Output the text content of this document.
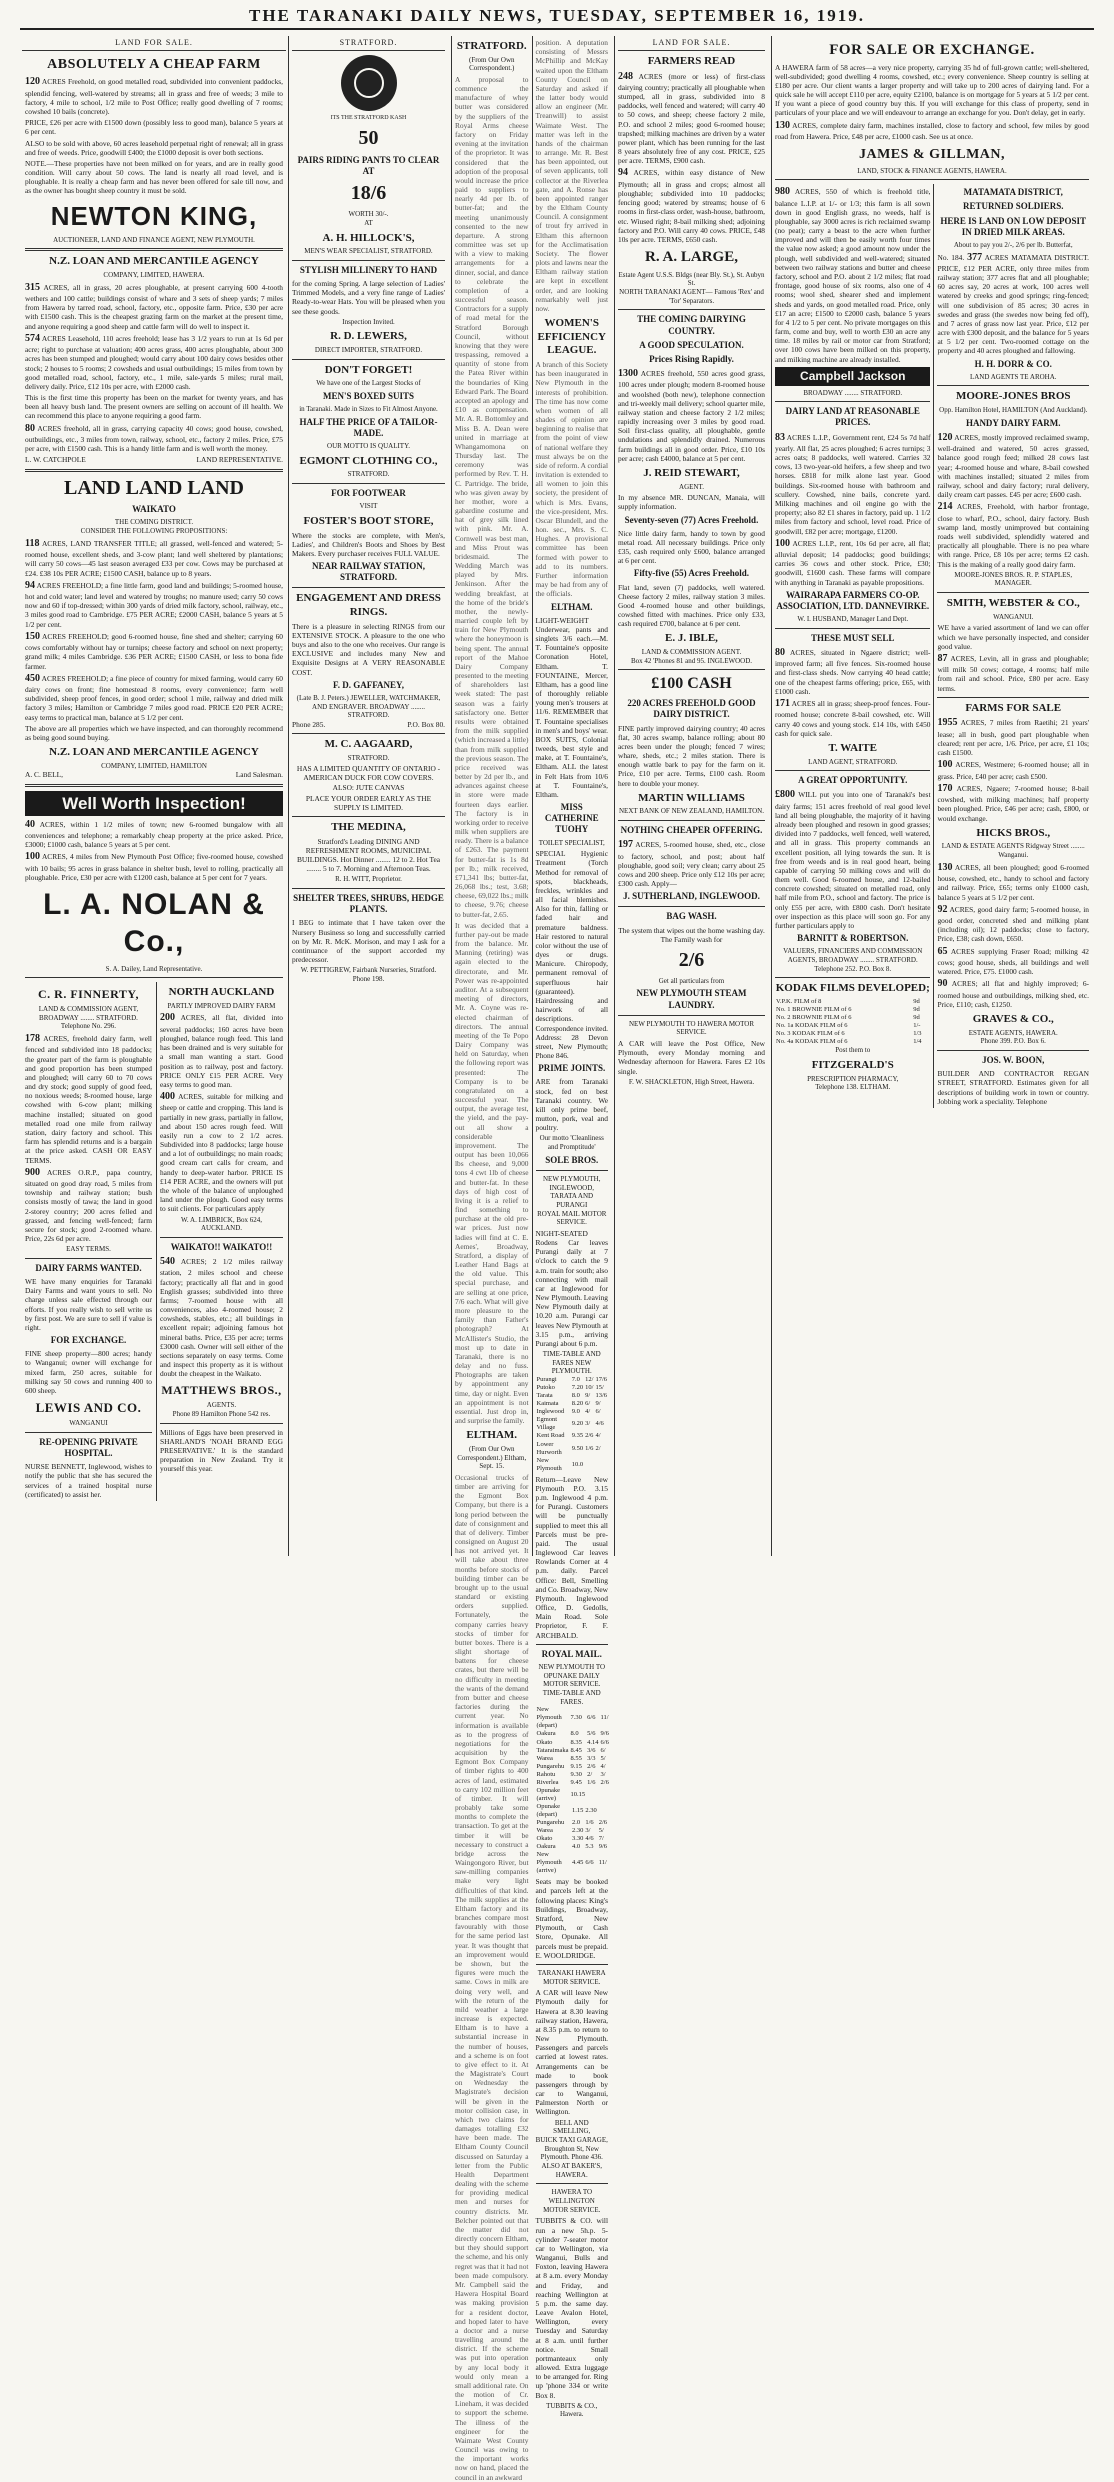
THE TARANAKI DAILY NEWS, TUESDAY, SEPTEMBER 16, 1919.
LAND FOR SALE.
ABSOLUTELY A CHEAP FARM

120 ACRES Freehold, on good metalled road, subdivided into convenient paddocks, splendid fencing, well-watered by streams; all in grass and free of weeds; 3 mile to factory, 4 mile to school, 1/2 mile to Post Office; really good dwelling of 7 rooms; cowshed 10 bails (concrete).

PRICE, £26 per acre with £1500 down (possibly less to good man), balance 5 years at 6 per cent.

ALSO to be sold with above, 60 acres leasehold perpetual right of renewal; all in grass and free of weeds. Price, goodwill £400; the £1000 deposit is over both sections.

NOTE.—These properties have not been milked on for years, and are in really good condition. Will carry about 50 cows. The land is nearly all road level, and is ploughable. It is really a cheap farm and has never been offered for sale till now, and as the owner has bought sheep country it must be sold.

NEWTON KING,
AUCTIONEER, LAND AND FINANCE AGENT, NEW PLYMOUTH.
N.Z. LOAN AND MERCANTILE AGENCY
COMPANY, LIMITED, HAWERA.

315 ACRES, all in grass, 20 acres ploughable, at present carrying 600 4-tooth wethers and 100 cattle; buildings consist of whare and 3 sets of sheep yards; 7 miles from Hawera by tarred road, school, factory, etc., opposite farm. Price, £30 per acre with £1500 cash. This is the cheapest grazing farm on the market at the present time, and anyone requiring a good sheep and cattle farm will do well to inspect it.

574 ACRES Leasehold, 110 acres freehold; lease has 3 1/2 years to run at 1s 6d per acre; right to purchase at valuation; 400 acres grass, 400 acres ploughable, about 300 acres has been stumped and ploughed; would carry about 100 dairy cows besides other stock; 2 houses to 5 rooms; 2 cowsheds and usual outbuildings; 15 miles from town by good metalled road, school, factory, etc., 1 mile, sale-yards 5 miles; rural mail, delivery daily. Price, £12 10s per acre, with £2000 cash.

This is the first time this property has been on the market for twenty years, and has been all heavy bush land. The present owners are selling on account of ill health. We can recommend this place to anyone requiring a good farm.

80 ACRES freehold, all in grass, carrying capacity 40 cows; good house, cowshed, outbuildings, etc., 3 miles from town, railway, school, etc., factory 2 miles. Price, £75 per acre, with £1500 cash. This is a handy little farm and is well worth the money.

L. W. CATCHPOLE	LAND REPRESENTATIVE.
LAND LAND LAND
WAIKATO
THE COMING DISTRICT.
CONSIDER THE FOLLOWING PROPOSITIONS:

118 ACRES, LAND TRANSFER TITLE; all grassed, well-fenced and watered; 5-roomed house, excellent sheds, and 3-cow plant; land well sheltered by plantations; will carry 50 cows—45 last season averaged £33 per cow. Cows may be purchased at £24. £38 10s PER ACRE; £1500 CASH, balance up to 8 years.

94 ACRES FREEHOLD; a fine little farm, good land and buildings; 5-roomed house, hot and cold water; land level and watered by troughs; no manure used; carry 50 cows now and 60 if top-dressed; within 300 yards of dried milk factory, school, railway, etc., 3 miles good road to Cambridge. £75 PER ACRE; £2000 CASH, balance 5 years at 5 1/2 per cent.

150 ACRES FREEHOLD; good 6-roomed house, fine shed and shelter; carrying 60 cows comfortably without hay or turnips; cheese factory and school on next property; grand milk; 4 miles Cambridge. £36 PER ACRE; £1500 CASH, or less to bona fide farmer.

450 ACRES FREEHOLD; a fine piece of country for mixed farming, would carry 60 dairy cows on front; fine homestead 8 rooms, every convenience; farm well subdivided, sheep proof fences, in good order; school 1 mile, railway and dried milk factory 3 miles; Hamilton or Cambridge 7 miles good road. PRICE £20 PER ACRE; easy terms to practical man, balance at 5 1/2 per cent.

The above are all properties which we have inspected, and can thoroughly recommend as being good sound buying.

N.Z. LOAN AND MERCANTILE AGENCY
COMPANY, LIMITED, HAMILTON
A. C. BELL,	Land Salesman.
Well Worth Inspection!

40 ACRES, within 1 1/2 miles of town; new 6-roomed bungalow with all conveniences and telephone; a remarkably cheap property at the price asked. Price, £3000; £1000 cash, balance 5 years at 5 per cent.

100 ACRES, 4 miles from New Plymouth Post Office; five-roomed house, cowshed with 10 bails; 95 acres in grass balance in shelter bush, level to rolling, practically all ploughable. Price, £30 per acre with £1200 cash, balance at 5 per cent for 7 years.

L. A. NOLAN & Co.,
S. A. Dailey, Land Representative.
C. R. FINNERTY,
LAND & COMMISSION AGENT, BROADWAY ........ STRATFORD.
Telephone No. 296.

178 ACRES, freehold dairy farm, well fenced and subdivided into 18 paddocks; the greater part of the farm is ploughable and good proportion has been stumped and ploughed; will carry 60 to 70 cows and dry stock; good supply of good feed, no noxious weeds; 8-roomed house, large cowshed with 6-cow plant; milking machine installed; situated on good metalled road one mile from railway station, dairy factory and school. This farm has splendid returns and is a bargain at the price asked. CASH OR EASY TERMS.

900 ACRES O.R.P., papa country, situated on good dray road, 5 miles from township and railway station; bush consists mostly of tawa; the land in good 2-storey country; 200 acres felled and grassed, and fencing well-fenced; farm secure for stock; good 2-roomed whare. Price, 22s 6d per acre.

EASY TERMS.
DAIRY FARMS WANTED.

WE have many enquiries for Taranaki Dairy Farms and want yours to sell. No charge unless sale effected through our efforts. If you really wish to sell write us by first post. We are sure to sell if value is right.

FOR EXCHANGE.

FINE sheep property—800 acres; handy to Wanganui; owner will exchange for mixed farm, 250 acres, suitable for milking say 50 cows and running 400 to 600 sheep.

LEWIS AND CO.
WANGANUI
RE-OPENING PRIVATE HOSPITAL.

NURSE BENNETT, Inglewood, wishes to notify the public that she has secured the services of a trained hospital nurse (certificated) to assist her.

NORTH AUCKLAND
PARTLY IMPROVED DAIRY FARM

200 ACRES, all flat, divided into several paddocks; 160 acres have been ploughed, balance rough feed. This land has been drained and is very suitable for a small man wanting a start. Good position as to railway, post and factory. PRICE ONLY £15 PER ACRE. Very easy terms to good man.

400 ACRES, suitable for milking and sheep or cattle and cropping. This land is partially in new grass, partially in fallow, and about 150 acres rough feed. Will easily run a cow to 2 1/2 acres. Subdivided into 8 paddocks; large house and a lot of outbuildings; no main roads; good cream cart calls for cream, and handy to deep-water harbor. PRICE IS £14 PER ACRE, and the owners will put the whole of the balance of unploughed land under the plough. Good easy terms to suit clients. For particulars apply

W. A. LIMBRICK, Box 624, AUCKLAND.
WAIKATO!! WAIKATO!!

540 ACRES; 2 1/2 miles railway station, 2 miles school and cheese factory; practically all flat and in good English grasses; subdivided into three farms; 7-roomed house with all conveniences, also 4-roomed house; 2 cowsheds, stables, etc.; all buildings in excellent repair; adjoining famous hot mineral baths. Price, £35 per acre; terms £3000 cash. Owner will sell either of the sections separately on easy terms. Come and inspect this property as it is without doubt the cheapest in the Waikato.

MATTHEWS BROS.,
AGENTS.
Phone 89 Hamilton Phone 542 res.

Millions of Eggs have been preserved in SHARLAND'S 'NOAH BRAND EGG PRESERVATIVE.' It is the standard preparation in New Zealand. Try it yourself this year.

STRATFORD.
ITS THE STRATFORD KASH
50
PAIRS RIDING PANTS TO CLEAR AT
18/6
WORTH 30/-.
AT
A. H. HILLOCK'S,
MEN'S WEAR SPECIALIST, STRATFORD.
STYLISH MILLINERY TO HAND

for the coming Spring. A large selection of Ladies' Trimmed Models, and a very fine range of Ladies' Ready-to-wear Hats. You will be pleased when you see these goods.

Inspection Invited.
R. D. LEWERS,
DIRECT IMPORTER, STRATFORD.
DON'T FORGET!
We have one of the Largest Stocks of
MEN'S BOXED SUITS
in Taranaki. Made in Sizes to Fit Almost Anyone.
HALF THE PRICE OF A TAILOR-MADE.
OUR MOTTO IS QUALITY.
EGMONT CLOTHING CO.,
STRATFORD.
FOR FOOTWEAR
VISIT
FOSTER'S BOOT STORE,

Where the stocks are complete, with Men's, Ladies', and Children's Boots and Shoes by Best Makers. Every purchaser receives FULL VALUE.

NEAR RAILWAY STATION, STRATFORD.
ENGAGEMENT AND DRESS RINGS.

There is a pleasure in selecting RINGS from our EXTENSIVE STOCK. A pleasure to the one who buys and also to the one who receives. Our range is EXCLUSIVE and includes many New and Exquisite Designs at A VERY REASONABLE COST.

F. D. GAFFANEY,
(Late B. J. Peters.) JEWELLER, WATCHMAKER, AND ENGRAVER. BROADWAY ........ STRATFORD.
Phone 285.	P.O. Box 80.
M. C. AAGAARD,
STRATFORD.

HAS A LIMITED QUANTITY OF ONTARIO - AMERICAN DUCK FOR COW COVERS. ALSO: JUTE CANVAS

PLACE YOUR ORDER EARLY AS THE SUPPLY IS LIMITED.

THE MEDINA,

Stratford's Leading DINING AND REFRESHMENT ROOMS, MUNICIPAL BUILDINGS. Hot Dinner ........ 12 to 2. Hot Tea ........ 5 to 7. Morning and Afternoon Teas.

R. H. WITT, Proprietor.
SHELTER TREES, SHRUBS, HEDGE PLANTS.

I BEG to intimate that I have taken over the Nursery Business so long and successfully carried on by Mr. R. McK. Morison, and may I ask for a continuance of the support accorded my predecessor.

W. PETTIGREW, Fairbank Nurseries, Stratford.
Phone 198.
STRATFORD.
(From Our Own Correspondent.)

A proposal to commence the manufacture of whey butter was considered by the suppliers of the Royal Arms cheese factory on Friday evening at the invitation of the proprietor. It was considered that the adoption of the proposal would increase the price paid to suppliers to nearly 4d per lb. of butter-fat; and the meeting unanimously consented to the new departure. A strong committee was set up with a view to making arrangements for a dinner, social, and dance to celebrate the completion of a successful season. Contractors for a supply of road metal for the Stratford Borough Council, without knowing that they were trespassing, removed a quantity of stone from the Patea River within the boundaries of King Edward Park. The Board accepted an apology and £10 as compensation. Mr. A. R. Bottomley and Miss B. A. Dean were united in marriage at Whangamomona on Thursday last. The ceremony was performed by Rev. T. H. C. Partridge. The bride, who was given away by her mother, wore a gabardine costume and hat of grey silk lined with pink. Mr. A. Cornwell was best man, and Miss Prout was bridesmaid. The Wedding March was played by Mrs. Jenkinson. After the wedding breakfast, at the home of the bride's mother, the newly-married couple left by train for New Plymouth where the honeymoon is being spent. The annual report of the Mahoe Dairy Company presented to the meeting of shareholders last week stated: The past season was a fairly satisfactory one. Better results were obtained from the milk supplied (which increased a little) than from milk supplied the previous season. The price received was better by 2d per lb., and advances against cheese in store were made fourteen days earlier. The factory is in working order to receive milk when suppliers are ready. There is a balance of £263. The payment for butter-fat is 1s 8d per lb.; milk received, £71,341 lbs; butter-fat, 26,068 lbs.; test, 3.68; cheese, 69,022 lbs.; milk to cheese, 9.76; cheese to butter-fat, 2.65.

It was decided that a further pay-out be made from the balance. Mr. Manning (retiring) was again elected to the directorate, and Mr. Power was re-appointed auditor. At a subsequent meeting of directors, Mr. A. Coyne was re-elected chairman of directors. The annual meeting of the Te Popo Dairy Company was held on Saturday, when the following report was presented: The Company is to be congratulated on a successful year. The output, the average test, the yield, and the pay-out all show a considerable improvement. The output has been 10,066 lbs cheese, and 9,000 tons 4 cwt 1lb of cheese and butter-fat. In these days of high cost of living it is a relief to find something to purchase at the old pre-war prices. Just now ladies will find at C. E. Aemes', Broadway, Stratford, a display of Leather Hand Bags at the old value. This special purchase, and are selling at one price, 7/6 each. What will give more pleasure to the family than Father's photograph? At McAllister's Studio, the most up to date in Taranaki, there is no delay and no fuss. Photographs are taken by appointment any time, day or night. Even an appointment is not essential. Just drop in, and surprise the family.

ELTHAM.
(From Our Own Correspondent.) Eltham, Sept. 15.

Occasional trucks of timber are arriving for the Egmont Box Company, but there is a long period between the date of consignment and that of delivery. Timber consigned on August 20 has not arrived yet. It will take about three months before stocks of building timber can be brought up to the usual standard or existing orders supplied. Fortunately, the company carries heavy stocks of timber for butter boxes. There is a slight shortage of battens for cheese crates, but there will be no difficulty in meeting the wants of the demand from butter and cheese factories during the current year. No information is available as to the progress of negotiations for the acquisition by the Egmont Box Company of timber rights to 400 acres of land, estimated to carry 102 million feet of timber. It will probably take some months to complete the transaction. To get at the timber it will be necessary to construct a bridge across the Waingongoro River, but saw-milling companies make very light difficulties of that kind. The milk supplies at the Eltham factory and its branches compare most favourably with those for the same period last year. It was thought that an improvement would be shown, but the figures were much the same. Cows in milk are doing very well, and with the return of the mild weather a large increase is expected. Eltham is to have a substantial increase in the number of houses, and a scheme is on foot to give effect to it. At the Magistrate's Court on Wednesday the Magistrate's decision will be given in the motor collision case, in which two claims for damages totalling £32 have been made. The Eltham County Council discussed on Saturday a letter from the Public Health Department dealing with the scheme for providing medical men and nurses for country districts. Mr. Belcher pointed out that the matter did not directly concern Eltham, but they should support the scheme, and his only regret was that it had not been made compulsory. Mr. Campbell said the Hawera Hospital Board was making provision for a resident doctor, and hoped later to have a doctor and a nurse travelling around the district. If the scheme was put into operation by any local body it would only mean a small additional rate. On the motion of Cr. Lineham, it was decided to support the scheme. The illness of the engineer for the Waimate West County Council was owing to the important works now on hand, placed the council in an awkward

position. A deputation consisting of Messrs McPhillip and McKay waited upon the Eltham County Council on Saturday and asked if the latter body would allow an engineer (Mr. Treanwill) to assist Waimate West. The matter was left in the hands of the chairman to arrange. Mr. R. Best has been appointed, out of seven applicants, toll collector at the Riverlea gate, and A. Ronse has been appointed ranger by the Eltham County Council. A consignment of trout fry arrived in Eltham this afternoon for the Acclimatisation Society. The flower plots and lawns near the Eltham railway station are kept in excellent order, and are looking remarkably well just now.

WOMEN'S EFFICIENCY LEAGUE.

A branch of this Society has been inaugurated in New Plymouth in the interests of prohibition. The time has now come when women of all shades of opinion are beginning to realise that from the point of view of national welfare they must always be on the side of reform. A cordial invitation is extended to all women to join this society, the president of which is Mrs. Evans, the vice-president, Mrs. Oscar Blundell, and the hon. sec., Mrs. S. C. Hughes. A provisional committee has been formed with power to add to its numbers. Further information may be had from any of the officials.

ELTHAM.

LIGHT-WEIGHT Underwear, pants and singlets 3/6 each.—M. T. Fountaine's opposite Coronation Hotel, Eltham. T. FOUNTAINE, Mercer, Eltham, has a good line of thoroughly reliable young men's trousers at 11/6. REMEMBER that T. Fountaine specialises in men's and boys' wear. BOX SUITS, Colonial tweeds, best style and make, at T. Fountaine's, Eltham. ALL the latest in Felt Hats from 10/6 at T. Fountaine's, Eltham.

MISS CATHERINE TUOHY
TOILET SPECIALIST,

SPECIAL Hygienic Treatment (Torch Method for removal of spots, blackheads, freckles, wrinkles and all facial blemishes. Also for thin, falling or faded hair and premature baldness. Hair restored to natural color without the use of dyes or drugs. Manicure. Chiropody, permanent removal of superfluous hair (guaranteed). Hairdressing and hairwork of all descriptions. Correspondence invited. Address: 28 Devon street, New Plymouth; Phone 846.

PRIME JOINTS.

ARE from Taranaki stock, fed on best Taranaki country. We kill only prime beef, mutton, pork, veal and poultry.

Our motto 'Cleanliness and Promptitude'
SOLE BROS.
NEW PLYMOUTH, INGLEWOOD, TARATA AND PURANGI
ROYAL MAIL MOTOR SERVICE.

NIGHT-SEATED Rodens Car leaves Purangi daily at 7 o'clock to catch the 9 a.m. train for south; also connecting with mail car at Inglewood for New Plymouth. Leaving New Plymouth daily at 10.20 a.m. Purangi car leaves New Plymouth at 3.15 p.m., arriving Purangi about 6 p.m.

TIME-TABLE AND FARES NEW PLYMOUTH.
Purangi	7.0	12/	17/6
Putoko	7.20	10/	15/
Tarata	8.0	9/	13/6
Kaimata	8.20	6/	9/
Inglewood	9.0	4/	6/
Egmont Village	9.20	3/	4/6
Kent Road	9.35	2/6	4/
Lower Hurworth	9.50	1/6	2/
New Plymouth	10.0		

Return—Leave New Plymouth P.O. 3.15 p.m. Inglewood 4 p.m. for Purangi. Customers will be punctually supplied to meet this all Parcels must be pre-paid. The usual Inglewood Car leaves Rowlands Corner at 4 p.m. daily. Parcel Office: Bell, Smelling and Co. Broadway, New Plymouth. Inglewood Office, D. Gedolls, Main Road. Sole Proprietor, F. F. ARCHBALD.

ROYAL MAIL.
NEW PLYMOUTH TO OPUNAKE DAILY MOTOR SERVICE.
TIME-TABLE AND FARES.
New Plymouth (depart)	7.30	6/6	11/
Oakura	8.0	5/6	9/6
Okato	8.35	4.14	6/6
Tataraimaka	8.45	3/6	6/
Warea	8.55	3/3	5/
Pungarehu	9.15	2/6	4/
Rahotu	9.30	2/	3/
Riverlea	9.45	1/6	2/6
Opunake (arrive)	10.15		
Opunake (depart)	1.15	2.30	
Pungarehu	2.0	1/6	2/6
Warea	2.30	3/	5/
Okato	3.30	4/6	7/
Oakura	4.0	5.3	9/6
New Plymouth (arrive)	4.45	6/6	11/

Seats may be booked and parcels left at the following places: King's Buildings, Broadway, Stratford, New Plymouth, or Cash Store, Opunake. All parcels must be prepaid. E. WOOLDRIDGE.

TARANAKI HAWERA MOTOR SERVICE.

A CAR will leave New Plymouth daily for Hawera at 8.30 leaving railway station, Hawera, at 8.35 p.m. to return to New Plymouth. Passengers and parcels carried at lowest rates. Arrangements can be made to book passengers through by car to Wanganui, Palmerston North or Wellington.

BELL AND SMELLING,
BUICK TAXI GARAGE, Broughton St, New Plymouth. Phone 436. ALSO AT BAKER'S, HAWERA.
HAWERA TO WELLINGTON MOTOR SERVICE.

TUBBITS & CO. will run a new 5h.p. 5-cylinder 7-seater motor car to Wellington, via Wanganui, Bulls and Foxton, leaving Hawera at 8 a.m. every Monday and Friday, and reaching Wellington at 5 p.m. the same day. Leave Avalon Hotel, Wellington, every Tuesday and Saturday at 8 a.m. until further notice. Small portmanteaux only allowed. Extra luggage to be arranged for. Ring up 'phone 334 or write Box 8.

TUBBITS & CO., Hawera.
LAND FOR SALE.
FARMERS READ

248 ACRES (more or less) of first-class dairying country; practically all ploughable when stumped, all in grass, subdivided into 8 paddocks, well fenced and watered; will carry 40 to 50 cows, and sheep; cheese factory 2 mile, P.O. and school 2 miles; good 6-roomed house; trapshed; milking machines are driven by a water power plant, which has been running for the last 8 years absolutely free of any cost. PRICE, £25 per acre. TERMS, £900 cash.

94 ACRES, within easy distance of New Plymouth; all in grass and crops; almost all ploughable; subdivided into 10 paddocks; fencing good; watered by streams; house of 6 rooms in first-class order, wash-house, bathroom, etc. Wiused right; 8-bail milking shed; adjoining factory and P.O. Will carry 40 cows. PRICE, £48 10s per acre. TERMS, £650 cash.

R. A. LARGE,
Estate Agent U.S.S. Bldgs (near Bly. St.), St. Aubyn St.
NORTH TARANAKI AGENT— Famous 'Rex' and 'Tor' Separators.
THE COMING DAIRYING COUNTRY.
A GOOD SPECULATION.
Prices Rising Rapidly.

1300 ACRES freehold, 550 acres good grass, 100 acres under plough; modern 8-roomed house and woolshed (both new), telephone connection and tri-weekly mail delivery; school quarter mile, railway station and cheese factory 2 1/2 miles; rapidly increasing over 3 miles by good road. Soil first-class quality, all ploughable, gentle undulations and splendidly drained. Numerous farm buildings all in good order. Price, £10 10s per acre; cash £4000, balance at 5 per cent.

J. REID STEWART,
AGENT.

In my absence MR. DUNCAN, Manaia, will supply information.

Seventy-seven (77) Acres Freehold.

Nice little dairy farm, handy to town by good metal road. All necessary buildings. Price only £35, cash required only £600, balance arranged at 6 per cent.

Fifty-five (55) Acres Freehold.

Flat land, seven (7) paddocks, well watered. Cheese factory 2 miles, railway station 3 miles. Good 4-roomed house and other buildings, cowshed fitted with machines. Price only £33, cash required £700, balance at 6 per cent.

E. J. IBLE,
LAND & COMMISSION AGENT.
Box 42 'Phones 81 and 95. INGLEWOOD.
£100 CASH
220 ACRES FREEHOLD GOOD DAIRY DISTRICT.

FINE partly improved dairying country; 40 acres flat, 30 acres swamp, balance rolling; about 80 acres been under the plough; fenced 7 wires; whare, sheds, etc.; 2 miles station. There is enough wattle bark to pay for the farm on it. Price, £10 per acre. Terms, £100 cash. Room here to double your money.

MARTIN WILLIAMS
NEXT BANK OF NEW ZEALAND, HAMILTON.
NOTHING CHEAPER OFFERING.

197 ACRES, 5-roomed house, shed, etc., close to factory, school, and post; about half ploughable, good soil; very clean; carry about 25 cows and 200 sheep. Price only £12 10s per acre; £300 cash. Apply—

J. SUTHERLAND, INGLEWOOD.
BAG WASH.

The system that wipes out the home washing day. The Family wash for

2/6
Get all particulars from
NEW PLYMOUTH STEAM LAUNDRY.
NEW PLYMOUTH TO HAWERA MOTOR SERVICE.

A CAR will leave the Post Office, New Plymouth, every Monday morning and Wednesday afternoon for Hawera. Fares £2 10s single.

F. W. SHACKLETON, High Street, Hawera.
FOR SALE OR EXCHANGE.

A HAWERA farm of 58 acres—a very nice property, carrying 35 hd of full-grown cattle; well-sheltered, well-subdivided; good dwelling 4 rooms, cowshed, etc.; every convenience. Sheep country is selling at £180 per acre. Our client wants a larger property and will take up to 200 acres of dairying land. For a quick sale he will accept £110 per acre, equity £2100, balance is on mortgage for 5 years at 5 1/2 per cent. If you want a piece of good country buy this. If you will exchange for this class of property, send in particulars of your place and we will endeavour to arrange an exchange for you. Don't delay, get in early.

130 ACRES, complete dairy farm, machines installed, close to factory and school, few miles by good road from Hawera. Price, £48 per acre, £1000 cash. See us at once.

JAMES & GILLMAN,
LAND, STOCK & FINANCE AGENTS, HAWERA.

980 ACRES, 550 of which is freehold title, balance L.I.P. at 1/- or 1/3; this farm is all sown down in good English grass, no weeds, half is ploughable, say 3000 acres is rich reclaimed swamp (no peat); carry a beast to the acre when further improved and will then be easily worth four times the value now asked; a good amount now under the plough, well subdivided and well-watered; situated between two railway stations and butter and cheese factory, school and P.O. about 2 1/2 miles; flat road frontage, good house of six rooms, also one of 4 rooms; wool shed, shearer shed and implement sheds and yards, on good metalled road. Price, only £17 an acre; £1500 to £2000 cash, balance 5 years for 4 1/2 to 5 per cent. No private mortgages on this farm, come and buy, well to worth £30 an acre any time. 18 miles by rail or motor car from Stratford; over 100 cows have been milked on this property, and milking machine are already installed.

Campbell Jackson
BROADWAY ........ STRATFORD.
DAIRY LAND AT REASONABLE PRICES.

83 ACRES L.I.P., Government rent, £24 5s 7d half yearly. All flat, 25 acres ploughed; 6 acres turnips; 3 acres oats; 8 paddocks, well watered. Carries 32 cows, 13 two-year-old heifers, a few sheep and two horses. £818 for milk alone last year. Good buildings. Six-roomed house with bathroom and scullery. Cowshed, nine bails, concrete yard. Milking machines and oil engine go with the property; also 82 £1 shares in factory, paid up. 1 1/2 miles from factory and school, level road. Price of goodwill, £82 per acre; mortgage, £1200.

100 ACRES L.I.P., rent, 10s 6d per acre, all flat; alluvial deposit; 14 paddocks; good buildings; carries 36 cows and other stock. Price, £30; goodwill, £1600 cash. These farms will compare with anything in Taranaki as payable propositions.

WAIRARAPA FARMERS CO-OP. ASSOCIATION, LTD. DANNEVIRKE.
W. I. HUSBAND, Manager Land Dept.
THESE MUST SELL

80 ACRES, situated in Ngaere district; well-improved farm; all five fences. Six-roomed house and first-class sheds. Now carrying 40 head cattle; one of the cheapest farms offering; price, £65, with £1000 cash.

171 ACRES all in grass; sheep-proof fences. Four-roomed house; concrete 8-bail cowshed, etc. Will carry 40 cows and young stock. £14 10s, with £450 cash for quick sale.

T. WAITE
LAND AGENT, STRATFORD.
A GREAT OPPORTUNITY.

£800 WILL put you into one of Taranaki's best dairy farms; 151 acres freehold of real good level land all being ploughable, the majority of it having already been ploughed and resown in good grasses; divided into 7 paddocks, well fenced, well watered, and all in grass. This property commands an excellent position, all lying towards the sun. It is free from weeds and is in real good heart, being capable of carrying 50 milking cows and will do them well. Good 6-roomed house, and 12-bailed concrete cowshed; situated on metalled road, only half mile from P.O., school and factory. The price is only £55 per acre, with £800 cash. Don't hesitate over inspection as this place will soon go. For any further particulars apply to

BARNITT & ROBERTSON.
VALUERS, FINANCIERS AND COMMISSION AGENTS, BROADWAY ........ STRATFORD.
Telephone 252. P.O. Box 8.
KODAK FILMS DEVELOPED;
V.P.K. FILM of 8	9d
No. 1 BROWNIE FILM of 6	9d
No. 2 BROWNIE FILM of 6	9d
No. 1a KODAK FILM of 6	1/-
No. 3 KODAK FILM of 6	1/3
No. 4a KODAK FILM of 6	1/4
Post them to
FITZGERALD'S
PRESCRIPTION PHARMACY,
Telephone 138. ELTHAM.
MATAMATA DISTRICT,
RETURNED SOLDIERS.
HERE IS LAND ON LOW DEPOSIT IN DRIED MILK AREAS.
About to pay you 2/-, 2/6 per lb. Butterfat,

No. 184. 377 ACRES MATAMATA DISTRICT. PRICE, £12 PER ACRE, only three miles from railway station; 377 acres flat and all ploughable; 60 acres say, 20 acres at work, 100 acres well watered by creeks and good springs; ring-fenced; will one subdivision of 85 acres; 30 acres in swedes and grass (the swedes now being fed off), and 7 acres of grass now last year. Price, £12 per acre with £300 deposit, and the balance for 5 years at 5 1/2 per cent. Two-roomed cottage on the property and 40 acres ploughed and fallowing.

H. H. DORR & CO.
LAND AGENTS TE AROHA.
MOORE-JONES BROS
Opp. Hamilton Hotel, HAMILTON (And Auckland).
HANDY DAIRY FARM.

120 ACRES, mostly improved reclaimed swamp, well-drained and watered, 50 acres grassed, balance good rough feed; milked 28 cows last year; 4-roomed house and whare, 8-bail cowshed with machines installed; situated 2 miles from railway, school and dairy factory; rural delivery, daily cream cart passes. £45 per acre; £600 cash.

214 ACRES, Freehold, with harbor frontage, close to wharf, P.O., school, dairy factory. Bush swamp land, mostly unimproved but containing roads well subdivided, splendidly watered and practically all ploughable. There is no pea whare with range. Price, £8 10s per acre; terms £2 cash. This is the making of a really good dairy farm.

MOORE-JONES BROS. R. P. STAPLES, MANAGER.
SMITH, WEBSTER & CO.,
WANGANUI.

WE have a varied assortment of land we can offer which we have personally inspected, and consider good value.

87 ACRES, Levin, all in grass and ploughable; will milk 50 cows; cottage, 4 rooms; half mile from rail and school. Price, £80 per acre. Easy terms.

FARMS FOR SALE

1955 ACRES, 7 miles from Raetihi; 21 years' lease; all in bush, good part ploughable when cleared; rent per acre, 1/6. Price, per acre, £1 10s; cash £1500.

100 ACRES, Westmere; 6-roomed house; all in grass. Price, £40 per acre; cash £500.

170 ACRES, Ngaere; 7-roomed house; 8-bail cowshed, with milking machines; half property been ploughed. Price, £46 per acre; cash, £800, or would exchange.

HICKS BROS.,
LAND & ESTATE AGENTS Ridgway Street ........ Wanganui.

130 ACRES, all been ploughed; good 6-roomed house, cowshed, etc., handy to school and factory and railway. Price, £65; terms only £1000 cash, balance 5 years at 5 1/2 per cent.

92 ACRES, good dairy farm; 5-roomed house, in good order, concreted shed and milking plant (including oil); 12 paddocks; close to factory, Price, £38; cash down, £650.

65 ACRES supplying Fraser Road; milking 42 cows; good house, sheds, all buildings and well watered. Price, £75. £1000 cash.

90 ACRES; all flat and highly improved; 6-roomed house and outbuildings, milking shed, etc. Price, £110; cash, £1250.

GRAVES & CO.,
ESTATE AGENTS, HAWERA.
Phone 399. P.O. Box 6.
JOS. W. BOON,

BUILDER AND CONTRACTOR REGAN STREET, STRATFORD. Estimates given for all descriptions of building work in town or country. Jobbing work a speciality. Telephone
